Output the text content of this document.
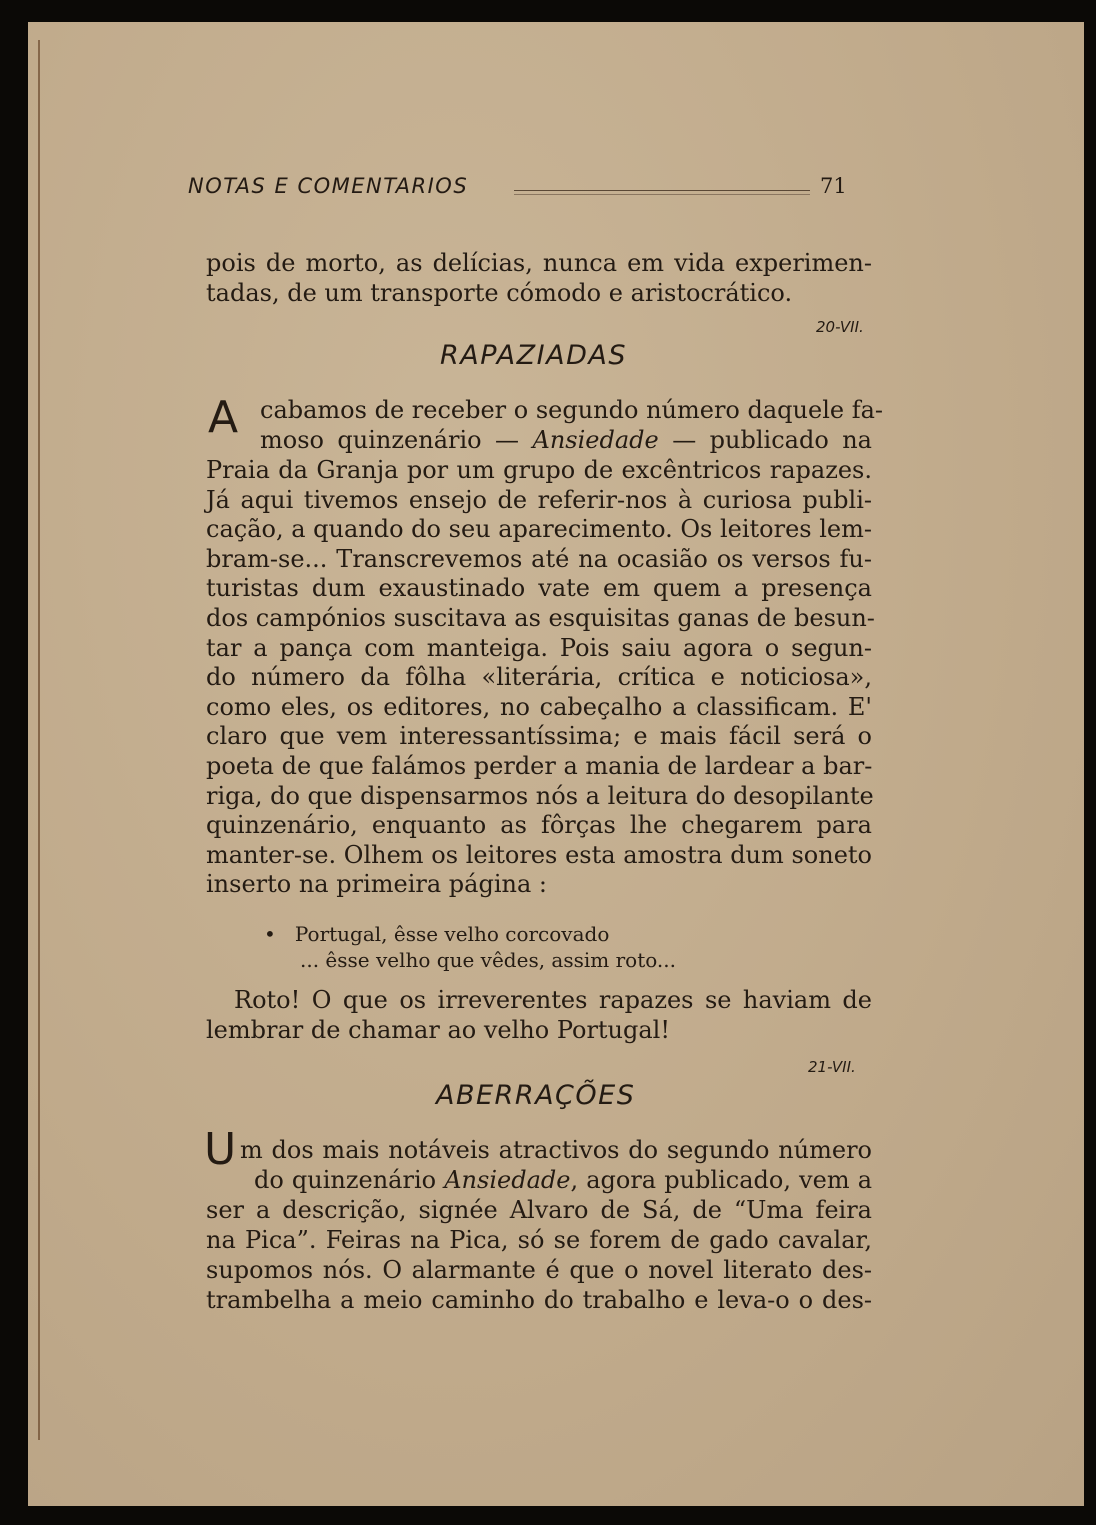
NOTAS E COMENTARIOS	71
pois de morto, as delícias, nunca em vida experimen-
tadas, de um transporte cómodo e aristocrático.
20-VII.
RAPAZIADAS
A cabamos de receber o segundo número daquele fa-
moso quinzenário — Ansiedade — publicado na
Praia da Granja por um grupo de excêntricos rapazes.
Já aqui tivemos ensejo de referir-nos à curiosa publi-
cação, a quando do seu aparecimento. Os leitores lem-
bram-se... Transcrevemos até na ocasião os versos fu-
turistas dum exaustinado vate em quem a presença
dos campónios suscitava as esquisitas ganas de besun-
tar a pança com manteiga. Pois saiu agora o segun-
do número da fôlha «literária, crítica e noticiosa»,
como eles, os editores, no cabeçalho a classificam. E'
claro que vem interessantíssima; e mais fácil será o
poeta de que falámos perder a mania de lardear a bar-
riga, do que dispensarmos nós a leitura do desopilante
quinzenário, enquanto as fôrças lhe chegarem para
manter-se. Olhem os leitores esta amostra dum soneto
inserto na primeira página :
•   Portugal, êsse velho corcovado
... êsse velho que vêdes, assim roto...
Roto! O que os irreverentes rapazes se haviam de
lembrar de chamar ao velho Portugal!
21-VII.
ABERRAÇÕES
U m dos mais notáveis atractivos do segundo número
do quinzenário Ansiedade, agora publicado, vem a
ser a descrição, signée Alvaro de Sá, de “Uma feira
na Pica”. Feiras na Pica, só se forem de gado cavalar,
supomos nós. O alarmante é que o novel literato des-
trambelha a meio caminho do trabalho e leva-o o des-
